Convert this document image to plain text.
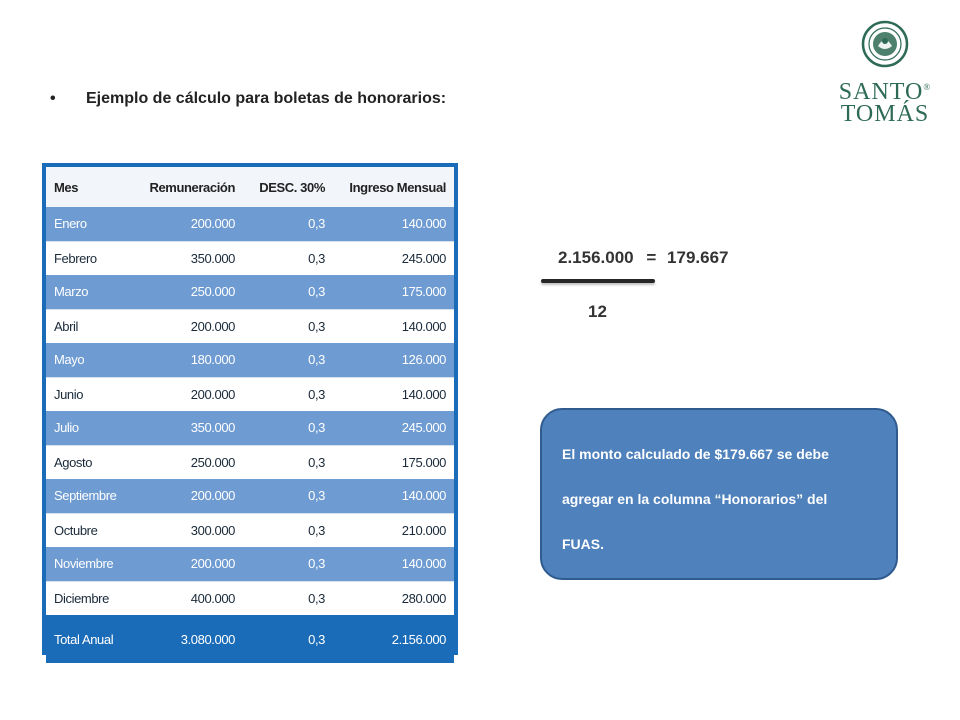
•	Ejemplo de cálculo para boletas de honorarios:	SANTO®
TOMÁS
Mes	Remuneración	DESC. 30%	Ingreso Mensual
Enero	200.000	0,3	140.000
Febrero	350.000	0,3	245.000
Marzo	250.000	0,3	175.000
Abril	200.000	0,3	140.000
Mayo	180.000	0,3	126.000
Junio	200.000	0,3	140.000
Julio	350.000	0,3	245.000
Agosto	250.000	0,3	175.000
Septiembre	200.000	0,3	140.000
Octubre	300.000	0,3	210.000
Noviembre	200.000	0,3	140.000
Diciembre	400.000	0,3	280.000
Total Anual	3.080.000	0,3	2.156.000
2.156.000 = 179.667
12
El monto calculado de $179.667 se debe
agregar en la columna “Honorarios” del
FUAS.
